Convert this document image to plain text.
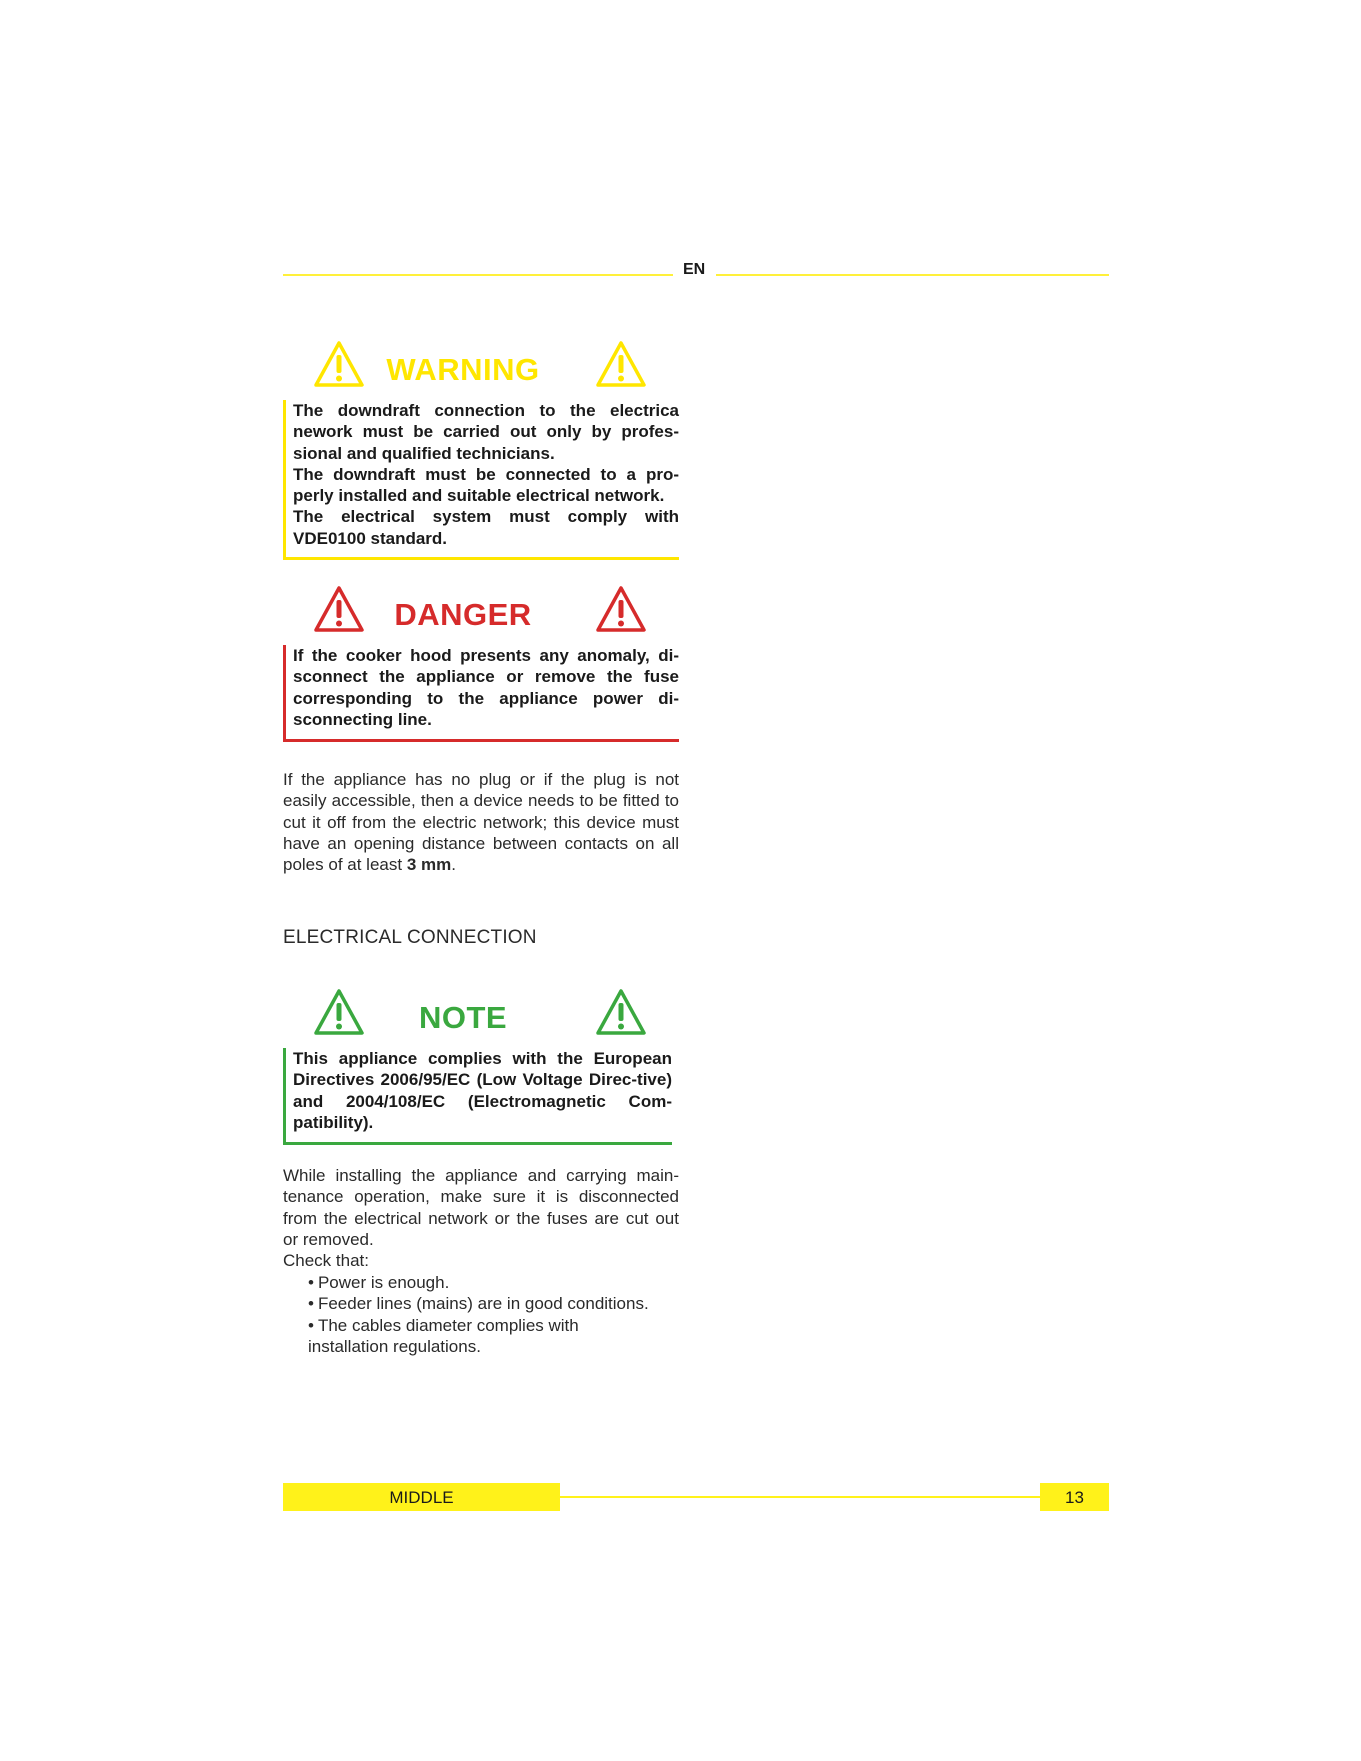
EN
WARNING

The downdraft connection to the electrica nework must be carried out only by profes-sional and qualified technicians.

The downdraft must be connected to a pro-perly installed and suitable electrical network.

The electrical system must comply with VDE0100 standard.

DANGER

If the cooker hood presents any anomaly, di-sconnect the appliance or remove the fuse corresponding to the appliance power di-sconnecting line.

If the appliance has no plug or if the plug is not easily accessible, then a device needs to be fitted to cut it off from the electric network; this device must have an opening distance between contacts on all poles of at least 3 mm.

ELECTRICAL CONNECTION
NOTE

This appliance complies with the European Directives 2006/95/EC (Low Voltage Direc-tive) and 2004/108/EC (Electromagnetic Com-patibility).

While installing the appliance and carrying main-tenance operation, make sure it is disconnected from the electrical network or the fuses are cut out or removed.

Check that:

• Power is enough.
• Feeder lines (mains) are in good conditions.
• The cables diameter complies with installation regulations.
MIDDLE	13
